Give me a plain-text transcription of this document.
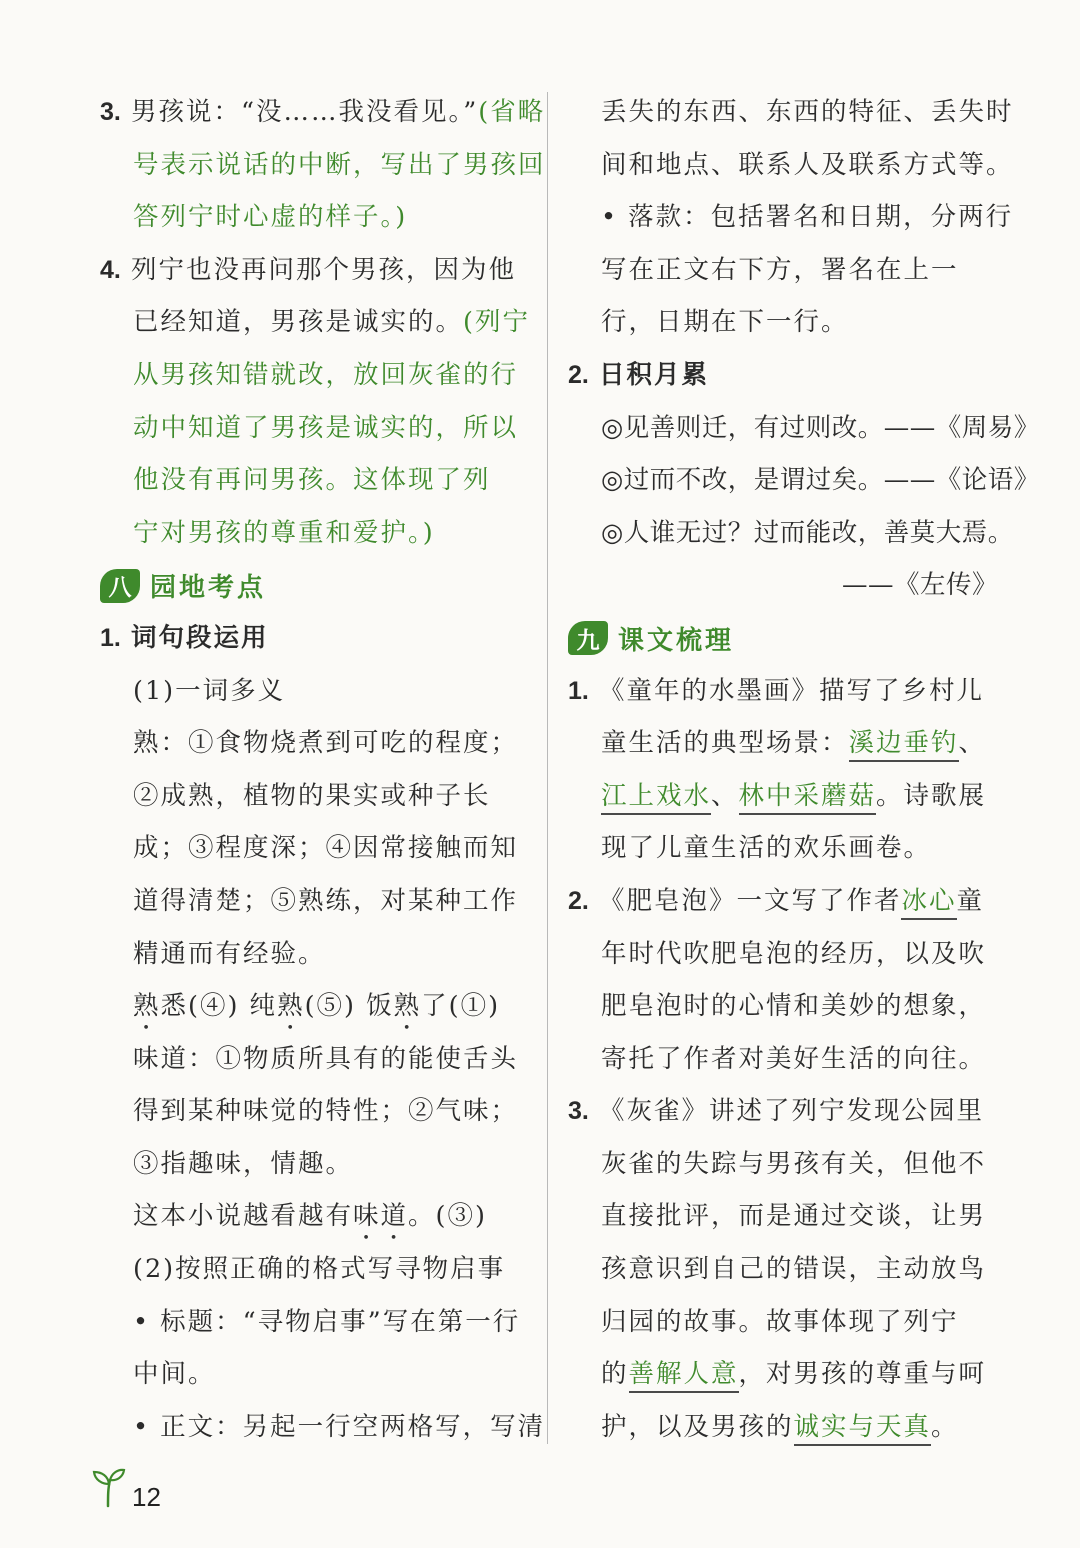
3. 男孩说：“没……我没看见。”(省略
号表示说话的中断，写出了男孩回
答列宁时心虚的样子。)
4. 列宁也没再问那个男孩，因为他
已经知道，男孩是诚实的。(列宁
从男孩知错就改，放回灰雀的行
动中知道了男孩是诚实的，所以
他没有再问男孩。这体现了列
宁对男孩的尊重和爱护。)
八 园地考点
1. 词句段运用
(1)一词多义
熟：①食物烧煮到可吃的程度；
②成熟，植物的果实或种子长
成；③程度深；④因常接触而知
道得清楚；⑤熟练，对某种工作
精通而有经验。
熟悉(④) 纯熟(⑤) 饭熟了(①)
味道：①物质所具有的能使舌头
得到某种味觉的特性；②气味；
③指趣味，情趣。
这本小说越看越有味道。(③)
(2)按照正确的格式写寻物启事
• 标题：“寻物启事”写在第一行
中间。
• 正文：另起一行空两格写，写清
丢失的东西、东西的特征、丢失时
间和地点、联系人及联系方式等。
• 落款：包括署名和日期，分两行
写在正文右下方，署名在上一
行，日期在下一行。
2. 日积月累
◎见善则迁，有过则改。——《周易》
◎过而不改，是谓过矣。——《论语》
◎人谁无过？过而能改，善莫大焉。
——《左传》
九 课文梳理
1. 《童年的水墨画》描写了乡村儿
童生活的典型场景：溪边垂钓、
江上戏水、林中采蘑菇。诗歌展
现了儿童生活的欢乐画卷。
2. 《肥皂泡》一文写了作者冰心童
年时代吹肥皂泡的经历，以及吹
肥皂泡时的心情和美妙的想象，
寄托了作者对美好生活的向往。
3. 《灰雀》讲述了列宁发现公园里
灰雀的失踪与男孩有关，但他不
直接批评，而是通过交谈，让男
孩意识到自己的错误，主动放鸟
归园的故事。故事体现了列宁
的善解人意，对男孩的尊重与呵
护，以及男孩的诚实与天真。
12
